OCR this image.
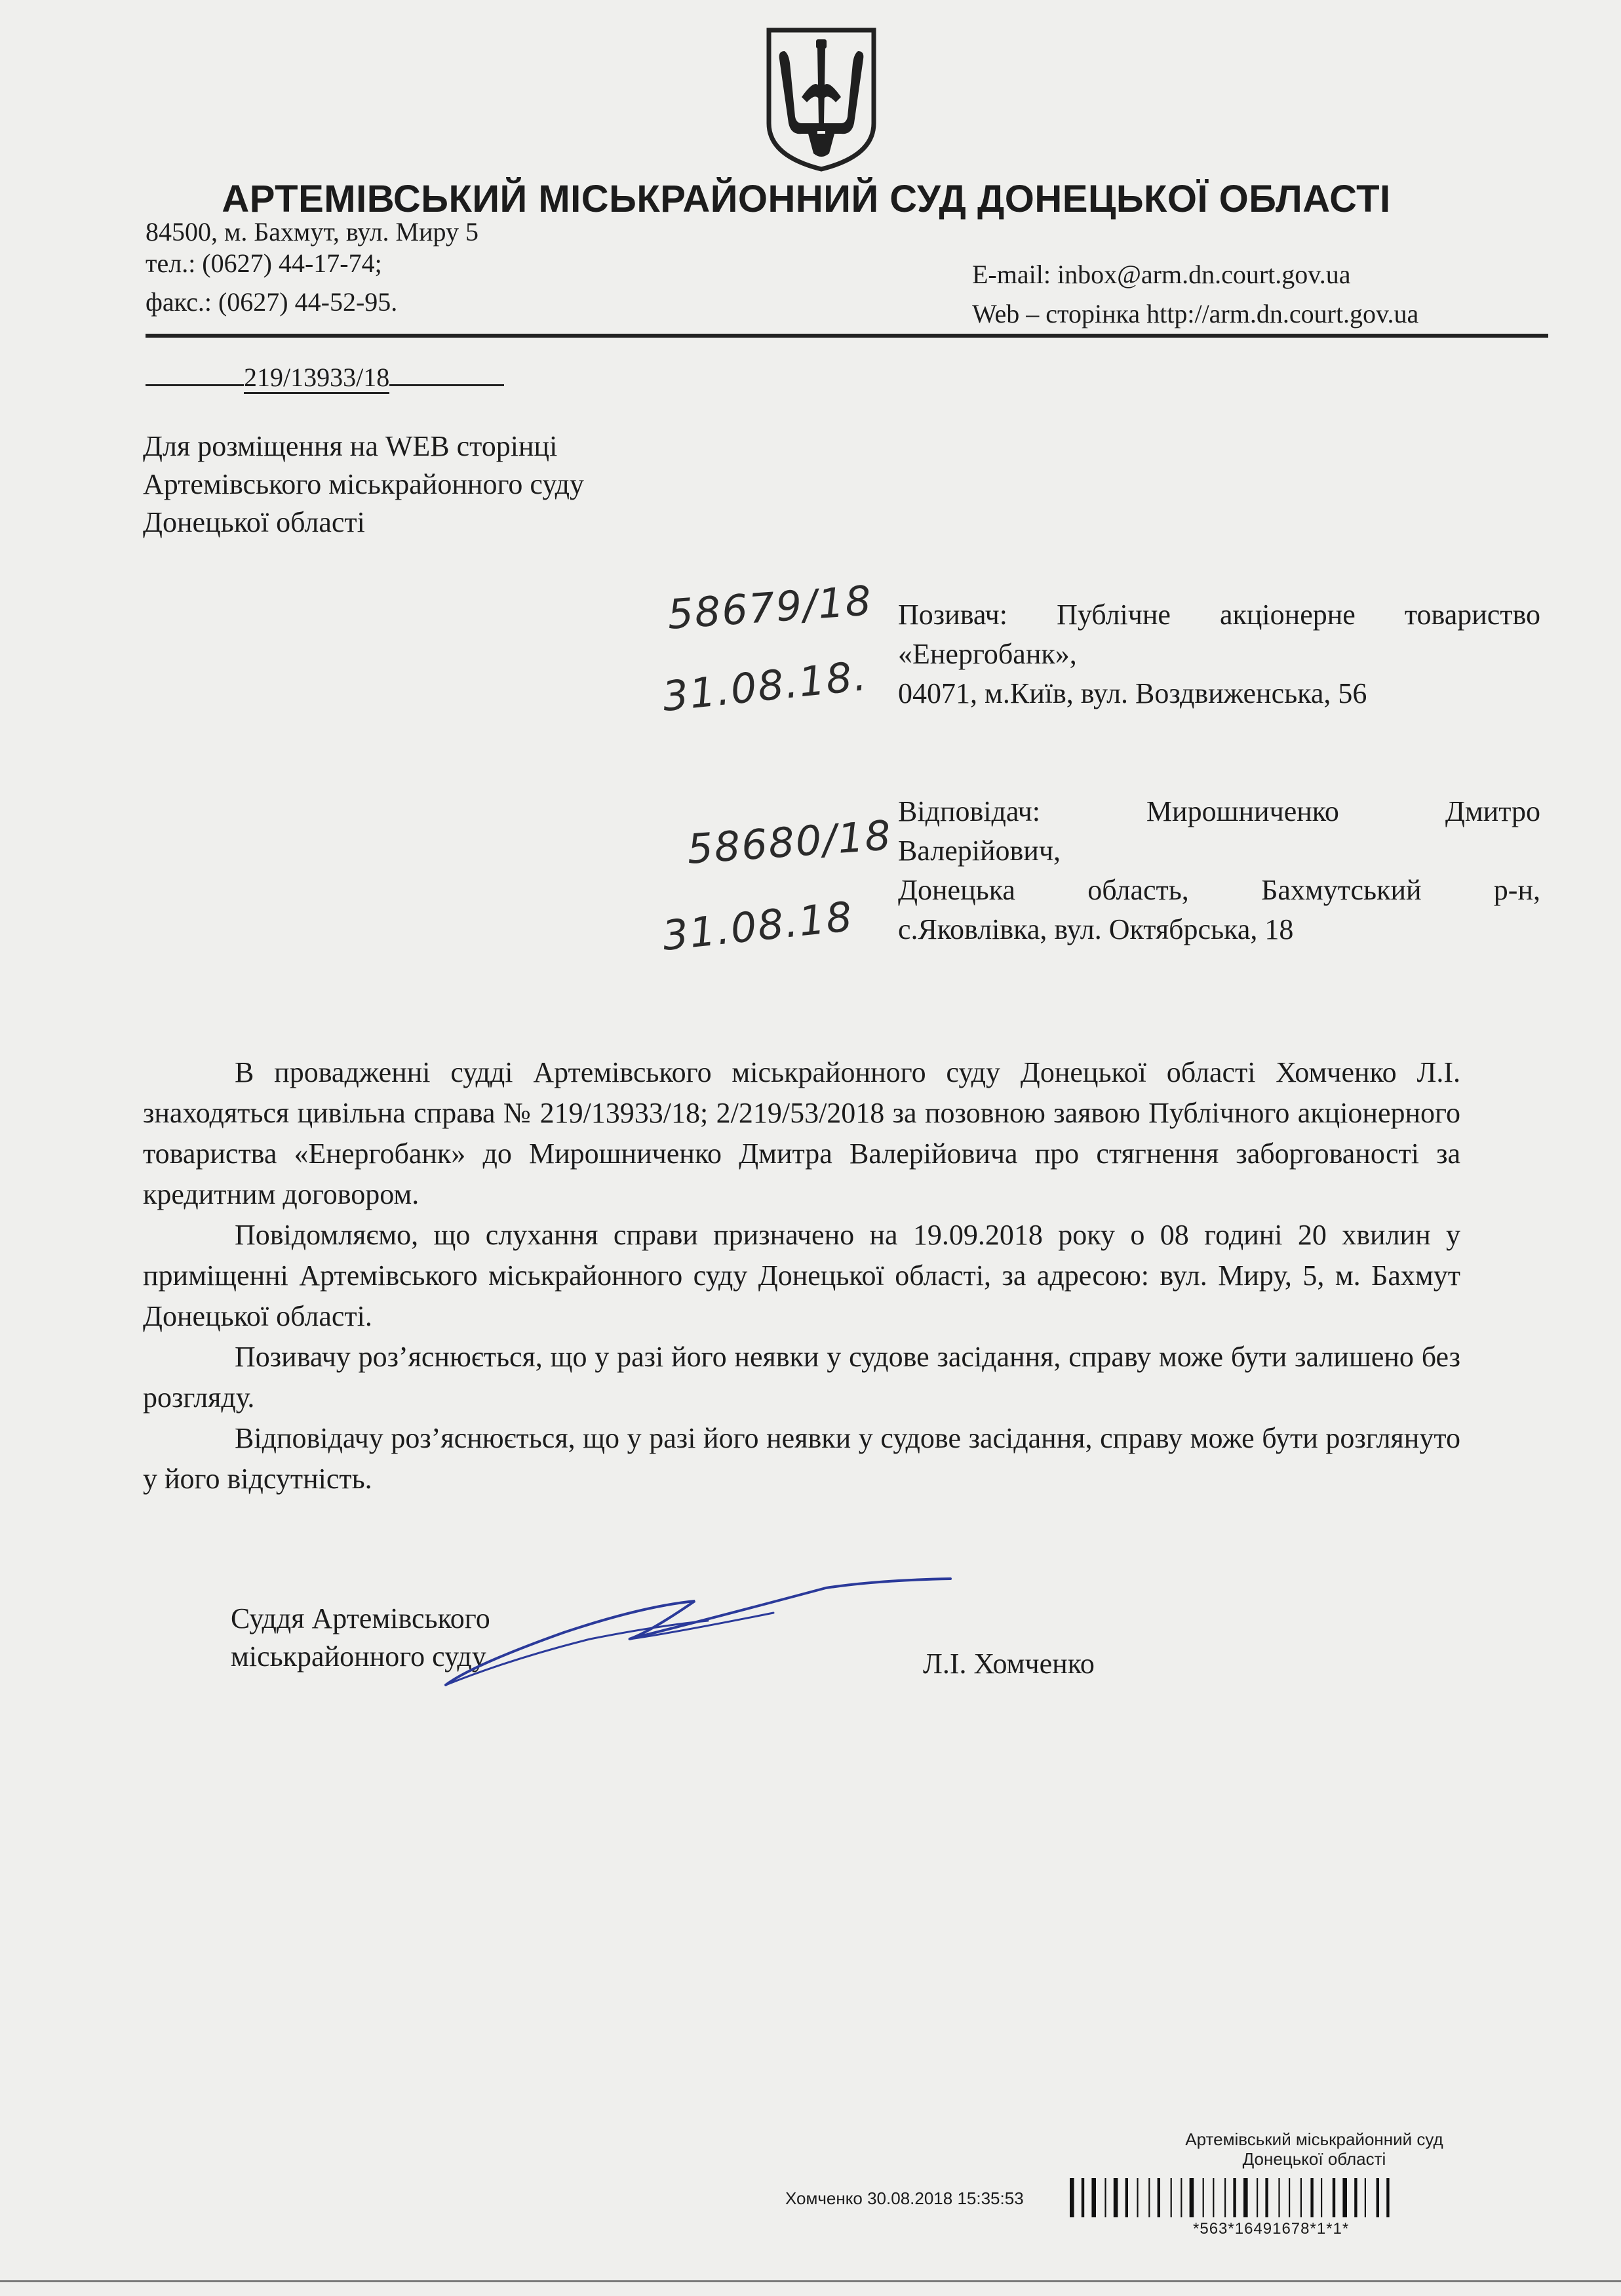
АРТЕМІВСЬКИЙ МІСЬКРАЙОННИЙ СУД ДОНЕЦЬКОЇ ОБЛАСТІ
84500, м. Бахмут, вул. Миру 5
тел.: (0627) 44-17-74;
факс.: (0627) 44-52-95.
E-mail: inbox@arm.dn.court.gov.ua
Web – сторінка http://arm.dn.court.gov.ua
219/13933/18
Для розміщення на WEB сторінці
Артемівського міськрайонного суду
Донецької області
58679/18
31.08.18.
58680/18
31.08.18
Позивач: Публічне акціонерне товариство
«Енергобанк»,
04071, м.Київ, вул. Воздвиженська, 56
Відповідач:	Мирошниченко	Дмитро
Валерійович,
Донецька	область,	Бахмутський	р-н,
с.Яковлівка, вул. Октябрська, 18

В провадженні судді Артемівського міськрайонного суду Донецької області Хомченко Л.І. знаходяться цивільна справа № 219/13933/18; 2/219/53/2018 за позовною заявою Публічного акціонерного товариства «Енергобанк» до Мирошниченко Дмитра Валерійовича про стягнення заборгованості за кредитним договором.

Повідомляємо, що слухання справи призначено на 19.09.2018 року о 08 годині 20 хвилин у приміщенні Артемівського міськрайонного суду Донецької області, за адресою: вул. Миру, 5, м. Бахмут Донецької області.

Позивачу роз’яснюється, що у разі його неявки у судове засідання, справу може бути залишено без розгляду.

Відповідачу роз’яснюється, що у разі його неявки у судове засідання, справу може бути розглянуто у його відсутність.

Суддя Артемівського
міськрайонного суду	Л.І. Хомченко
Артемівський міськрайонний суд
Донецької області
Хомченко 30.08.2018 15:35:53
*563*16491678*1*1*
